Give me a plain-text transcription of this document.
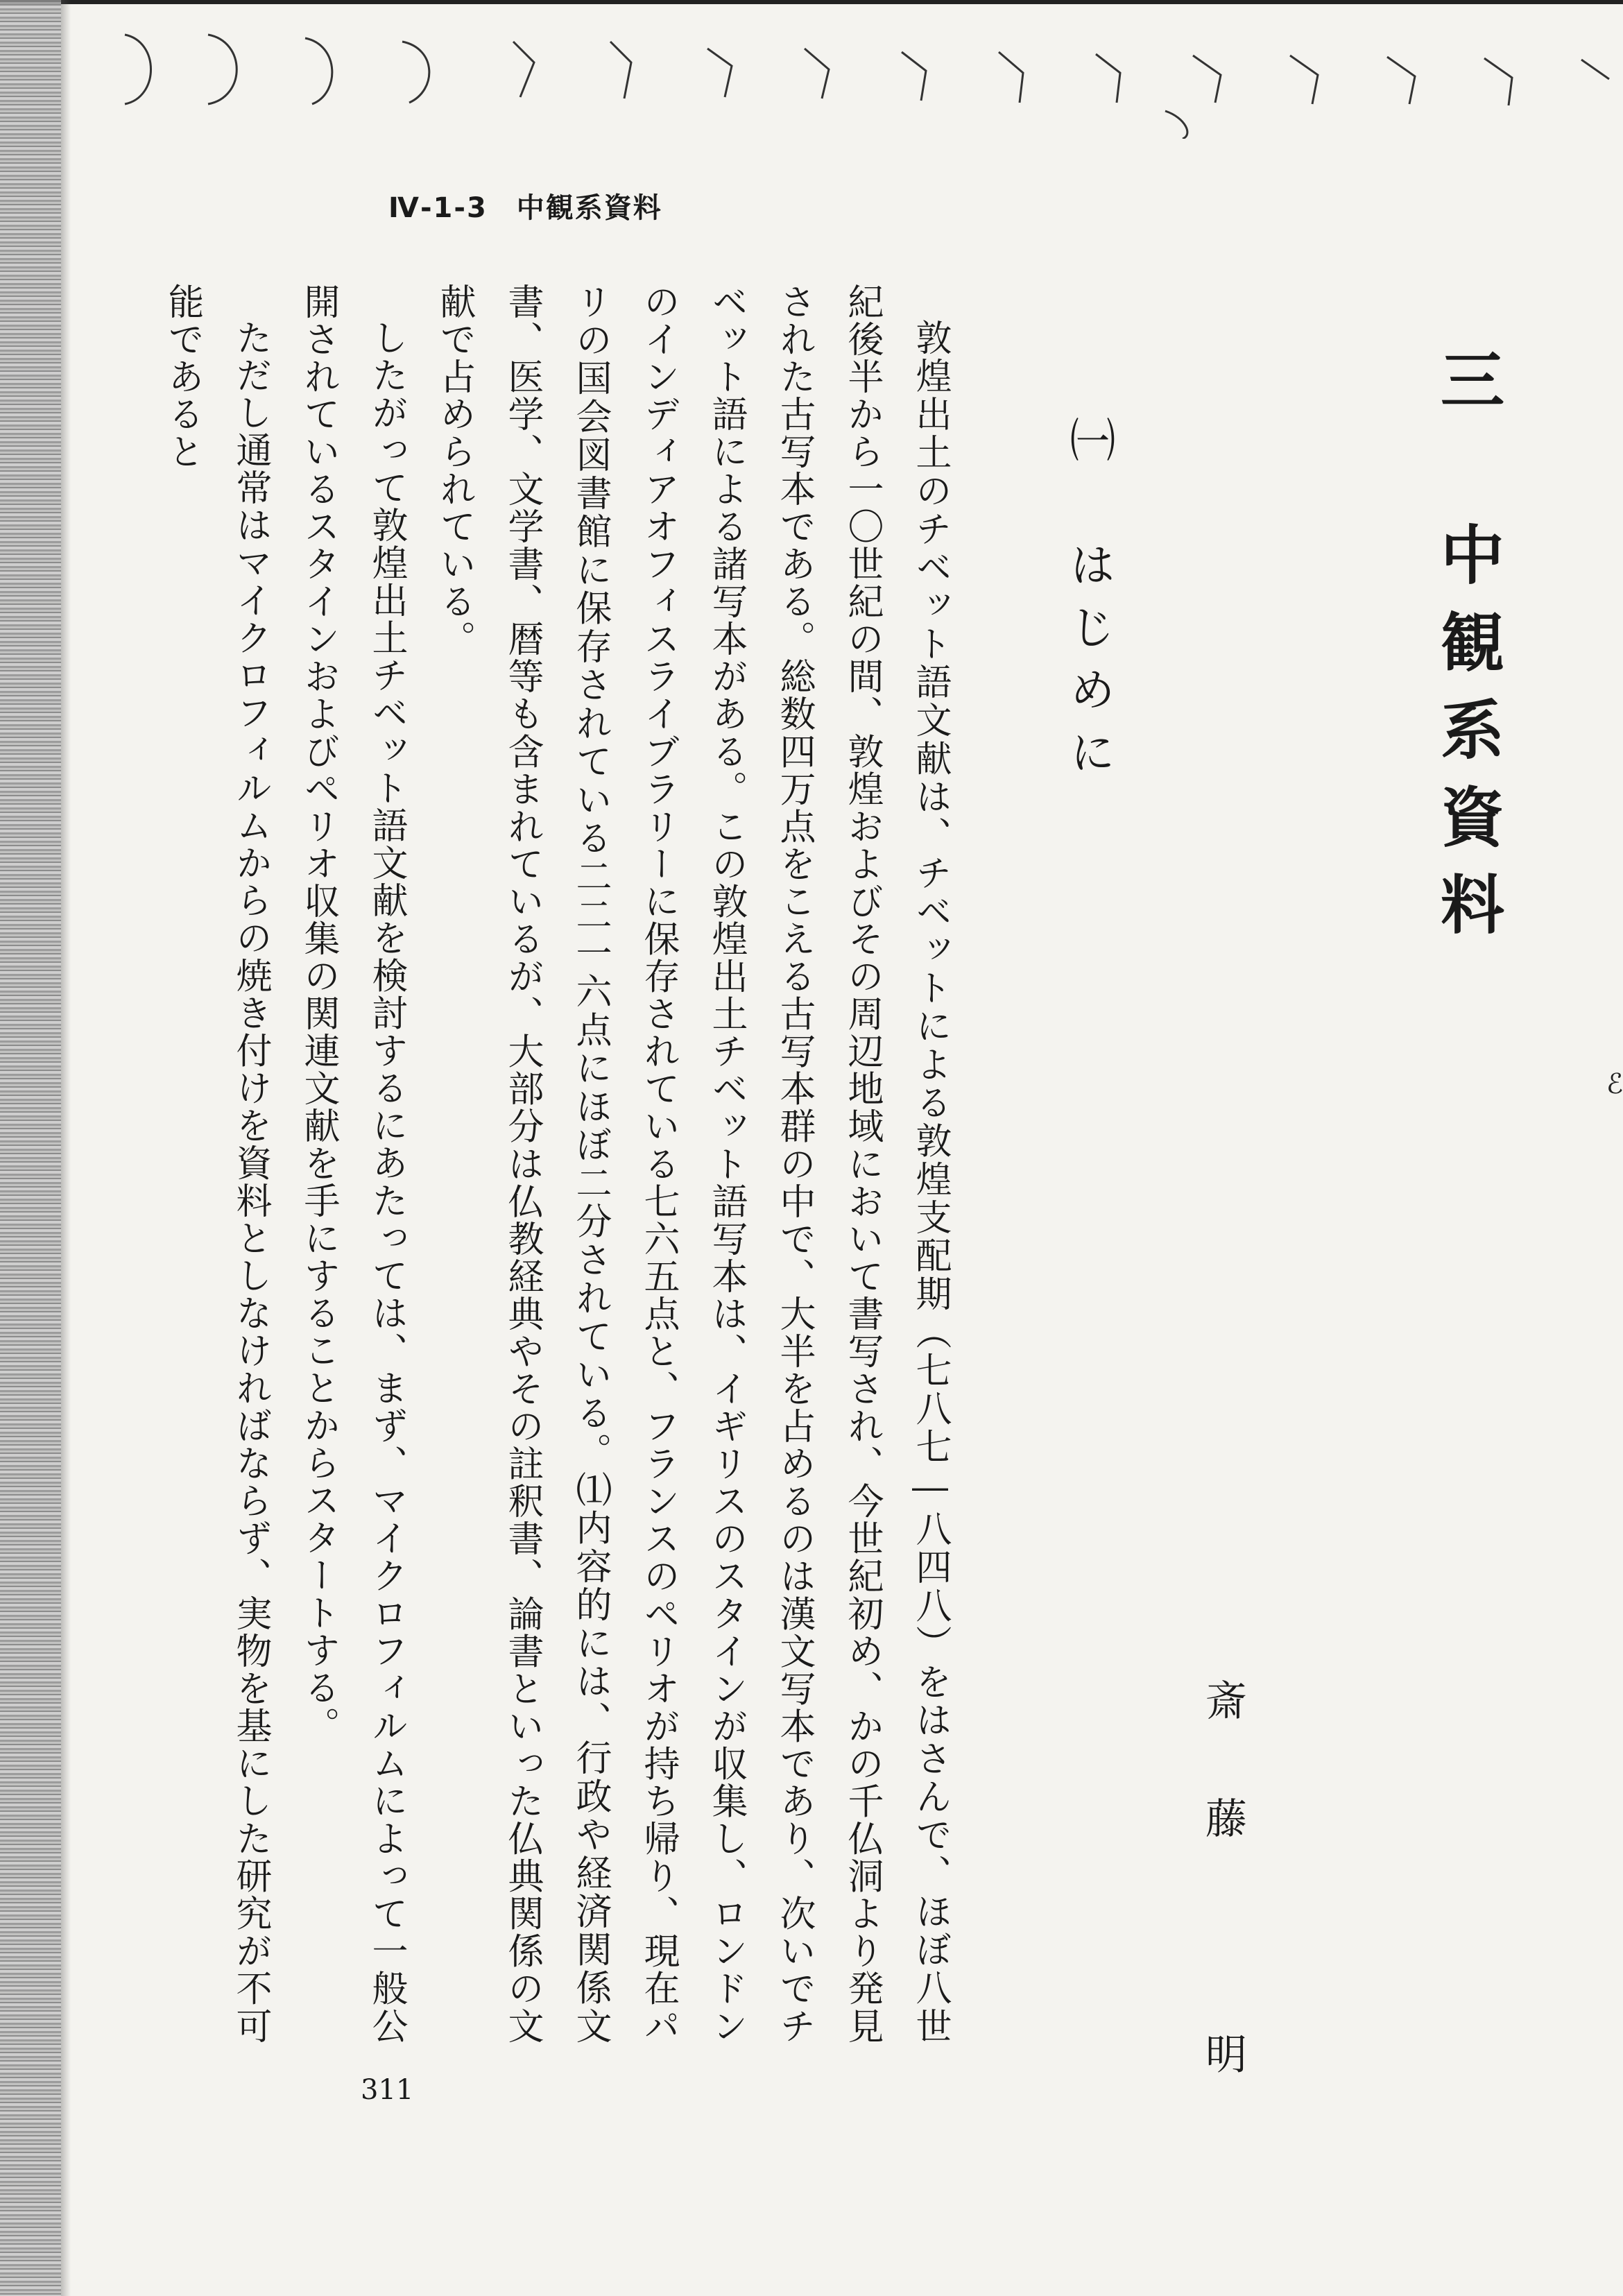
Ⅳ-1-3　中観系資料
三　中観系資料
㈠　はじめに
斎藤　明

敦煌出土のチベット語文献は、チベットによる敦煌支配期（七八七―八四八）をはさんで、ほぼ八世紀後半から一〇世紀の間、敦煌およびその周辺地域において書写され、今世紀初め、かの千仏洞より発見された古写本である。総数四万点をこえる古写本群の中で、大半を占めるのは漢文写本であり、次いでチベット語による諸写本がある。この敦煌出土チベット語写本は、イギリスのスタインが収集し、ロンドンのインディアオフィスライブラリーに保存されている七六五点と、フランスのペリオが持ち帰り、現在パリの国会図書館に保存されている二二一六点にほぼ二分されている。⑴内容的には、行政や経済関係文書、医学、文学書、暦等も含まれているが、大部分は仏教経典やその註釈書、論書といった仏典関係の文献で占められている。

したがって敦煌出土チベット語文献を検討するにあたっては、まず、マイクロフィルムによって一般公開されているスタインおよびペリオ収集の関連文献を手にすることからスタートする。

ただし通常はマイクロフィルムからの焼き付けを資料としなければならず、実物を基にした研究が不可能であると

ℰ
311
